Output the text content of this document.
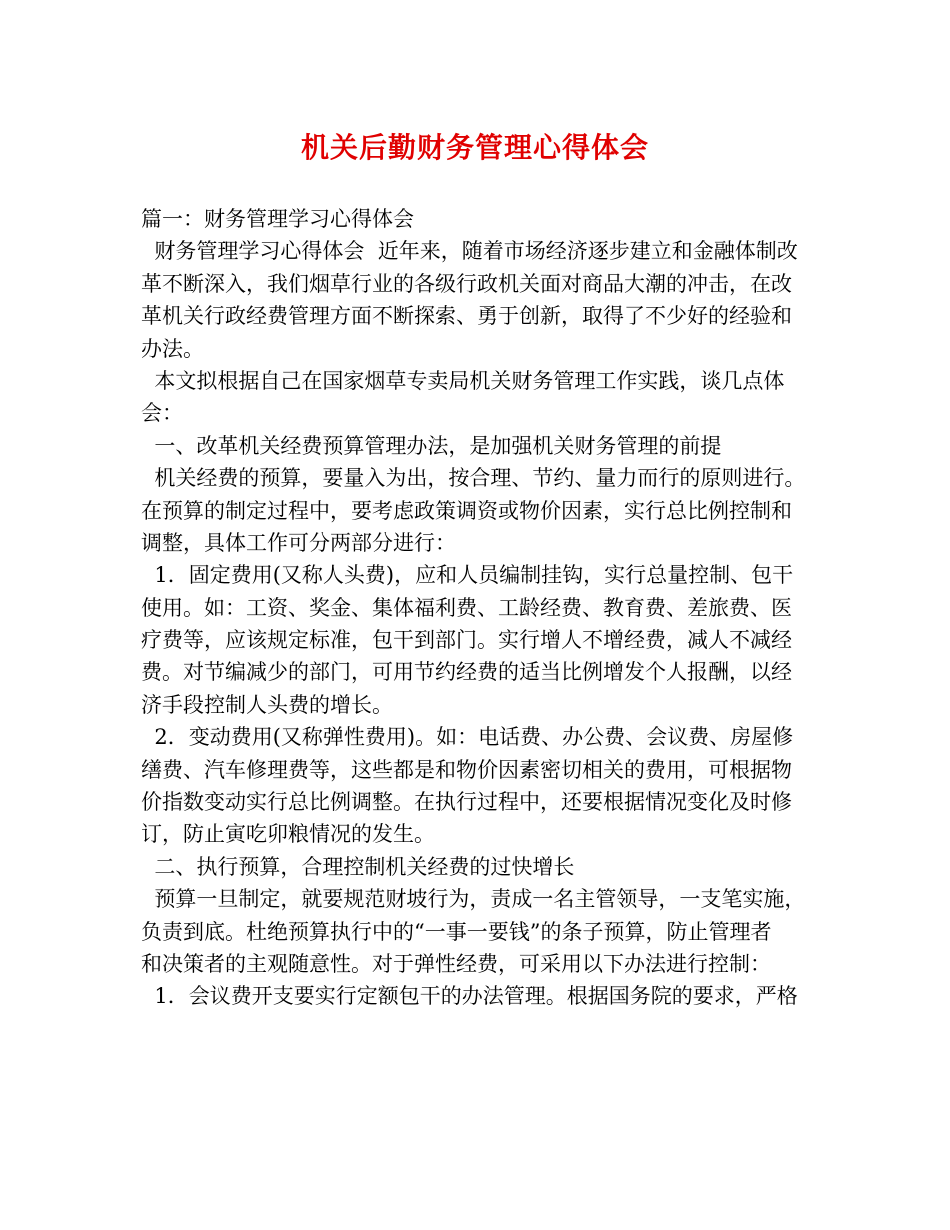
机关后勤财务管理心得体会

篇一：财务管理学习心得体会

财务管理学习心得体会  近年来，随着市场经济逐步建立和金融体制改

革不断深入，我们烟草行业的各级行政机关面对商品大潮的冲击，在改

革机关行政经费管理方面不断探索、勇于创新，取得了不少好的经验和

办法。

本文拟根据自己在国家烟草专卖局机关财务管理工作实践，谈几点体

会：

一、改革机关经费预算管理办法，是加强机关财务管理的前提

机关经费的预算，要量入为出，按合理、节约、量力而行的原则进行。

在预算的制定过程中，要考虑政策调资或物价因素，实行总比例控制和

调整，具体工作可分两部分进行：

1．固定费用(又称人头费)，应和人员编制挂钩，实行总量控制、包干

使用。如：工资、奖金、集体福利费、工龄经费、教育费、差旅费、医

疗费等，应该规定标准，包干到部门。实行增人不增经费，减人不减经

费。对节编减少的部门，可用节约经费的适当比例增发个人报酬，以经

济手段控制人头费的增长。

2．变动费用(又称弹性费用)。如：电话费、办公费、会议费、房屋修

缮费、汽车修理费等，这些都是和物价因素密切相关的费用，可根据物

价指数变动实行总比例调整。在执行过程中，还要根据情况变化及时修

订，防止寅吃卯粮情况的发生。

二、执行预算，合理控制机关经费的过快增长

预算一旦制定，就要规范财坡行为，责成一名主管领导，一支笔实施，

负责到底。杜绝预算执行中的“一事一要钱”的条子预算，防止管理者

和决策者的主观随意性。对于弹性经费，可采用以下办法进行控制：

1．会议费开支要实行定额包干的办法管理。根据国务院的要求，严格
